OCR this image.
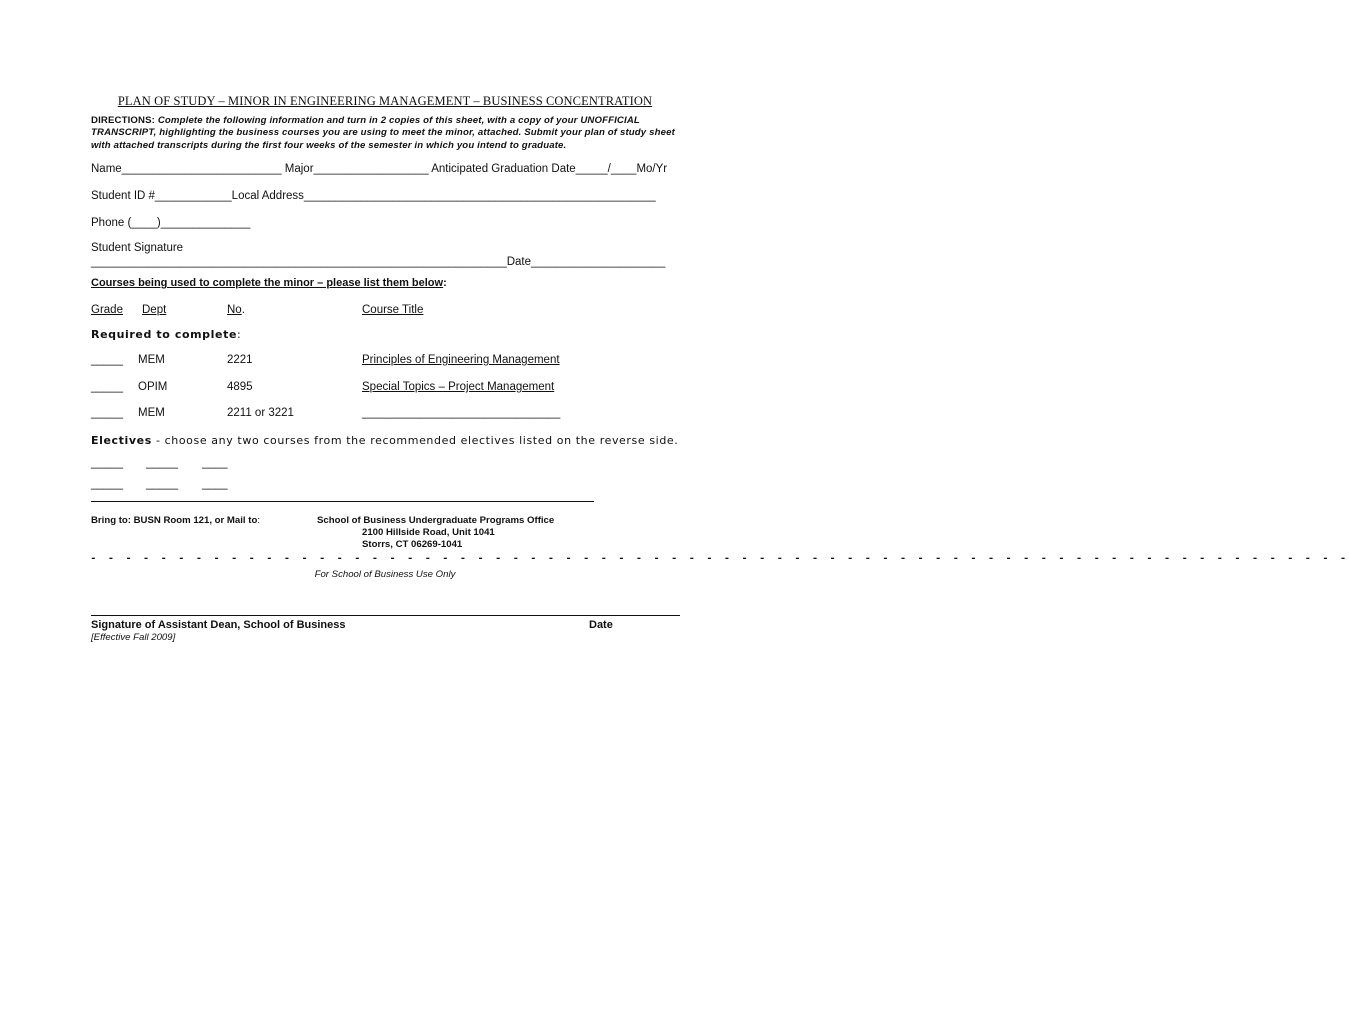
PLAN OF STUDY – MINOR IN ENGINEERING MANAGEMENT – BUSINESS CONCENTRATION
DIRECTIONS: Complete the following information and turn in 2 copies of this sheet, with a copy of your UNOFFICIAL TRANSCRIPT, highlighting the business courses you are using to meet the minor, attached. Submit your plan of study sheet with attached transcripts during the first four weeks of the semester in which you intend to graduate.
Name_________________________ Major__________________ Anticipated Graduation Date_____/____Mo/Yr
Student ID #____________Local Address_______________________________________________________
Phone (____)______________
Student Signature
_________________________________________________________________Date_____________________
Courses being used to complete the minor – please list them below:
Grade Dept	No.	Course Title
Required to complete:
_____ MEM	2221	Principles of Engineering Management
_____ OPIM	4895	Special Topics – Project Management
_____ MEM	2211 or 3221	_______________________________
Electives - choose any two courses from the recommended electives listed on the reverse side.
_____ _____ ____
_____ _____ ____
Bring to: BUSN Room 121, or Mail to:	School of Business Undergraduate Programs Office
2100 Hillside Road, Unit 1041
Storrs, CT 06269-1041
- - - - - - - - - - - - - - - - - - - - - - - - - - - - - - - - - - - - - - - - - - - - - - - - - - - - - - - - - - - - - - - - - - - - - - - -
For School of Business Use Only
Signature of Assistant Dean, School of Business	Date
[Effective Fall 2009]
